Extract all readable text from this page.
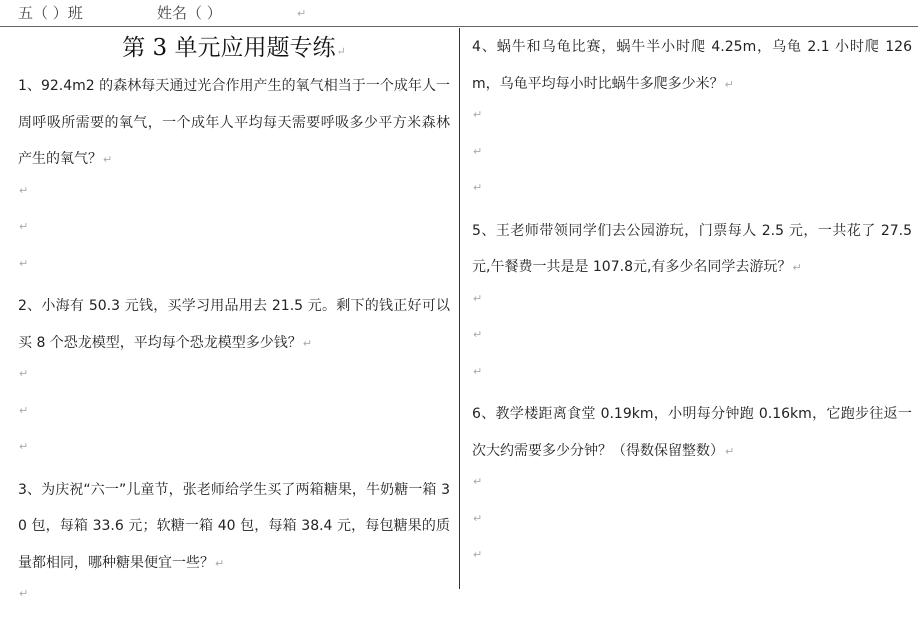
五（ ）班	姓名（ ）	↵
第 3 单元应用题专练↵
1、92.4m2 的森林每天通过光合作用产生的氧气相当于一个成年人一周呼吸所需要的氧气，一个成年人平均每天需要呼吸多少平方米森林产生的氧气？↵
↵
↵
↵
2、小海有 50.3 元钱，买学习用品用去 21.5 元。剩下的钱正好可以买 8 个恐龙模型，平均每个恐龙模型多少钱？↵
↵
↵
↵
3、为庆祝“六一”儿童节，张老师给学生买了两箱糖果，牛奶糖一箱 30 包，每箱 33.6 元；软糖一箱 40 包，每箱 38.4 元，每包糖果的质量都相同，哪种糖果便宜一些？↵
↵
4、蜗牛和乌龟比赛，蜗牛半小时爬 4.25m，乌龟 2.1 小时爬 126m，乌龟平均每小时比蜗牛多爬多少米？↵
↵
↵
↵
5、王老师带领同学们去公园游玩，门票每人 2.5 元，一共花了 27.5元,午餐费一共是是 107.8元,有多少名同学去游玩？↵
↵
↵
↵
6、教学楼距离食堂 0.19km，小明每分钟跑 0.16km，它跑步往返一次大约需要多少分钟？（得数保留整数）↵
↵
↵
↵
